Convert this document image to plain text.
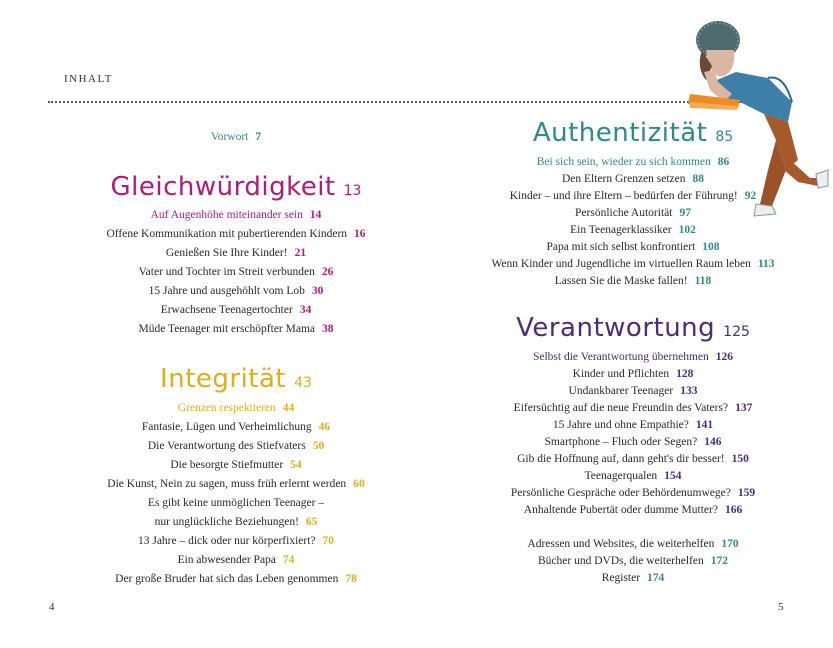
INHALT
Vorwort 7
Gleichwürdigkeit 13
Auf Augenhöhe miteinander sein 14
Offene Kommunikation mit pubertierenden Kindern 16
Genießen Sie Ihre Kinder! 21
Vater und Tochter im Streit verbunden 26
15 Jahre und ausgehöhlt vom Lob 30
Erwachsene Teenagertochter 34
Müde Teenager mit erschöpfter Mama 38
Integrität 43
Grenzen respektieren 44
Fantasie, Lügen und Verheimlichung 46
Die Verantwortung des Stiefvaters 50
Die besorgte Stiefmutter 54
Die Kunst, Nein zu sagen, muss früh erlernt werden 60
Es gibt keine unmöglichen Teenager –
nur unglückliche Beziehungen! 65
13 Jahre – dick oder nur körperfixiert? 70
Ein abwesender Papa 74
Der große Bruder hat sich das Leben genommen 78
Authentizität 85
Bei sich sein, wieder zu sich kommen 86
Den Eltern Grenzen setzen 88
Kinder – und ihre Eltern – bedürfen der Führung! 92
Persönliche Autorität 97
Ein Teenagerklassiker 102
Papa mit sich selbst konfrontiert 108
Wenn Kinder und Jugendliche im virtuellen Raum leben 113
Lassen Sie die Maske fallen! 118
Verantwortung 125
Selbst die Verantwortung übernehmen 126
Kinder und Pflichten 128
Undankbarer Teenager 133
Eifersüchtig auf die neue Freundin des Vaters? 137
15 Jahre und ohne Empathie? 141
Smartphone – Fluch oder Segen? 146
Gib die Hoffnung auf, dann geht's dir besser! 150
Teenagerqualen 154
Persönliche Gespräche oder Behördenumwege? 159
Anhaltende Pubertät oder dumme Mutter? 166
Adressen und Websites, die weiterhelfen 170
Bücher und DVDs, die weiterhelfen 172
Register 174
4	5
